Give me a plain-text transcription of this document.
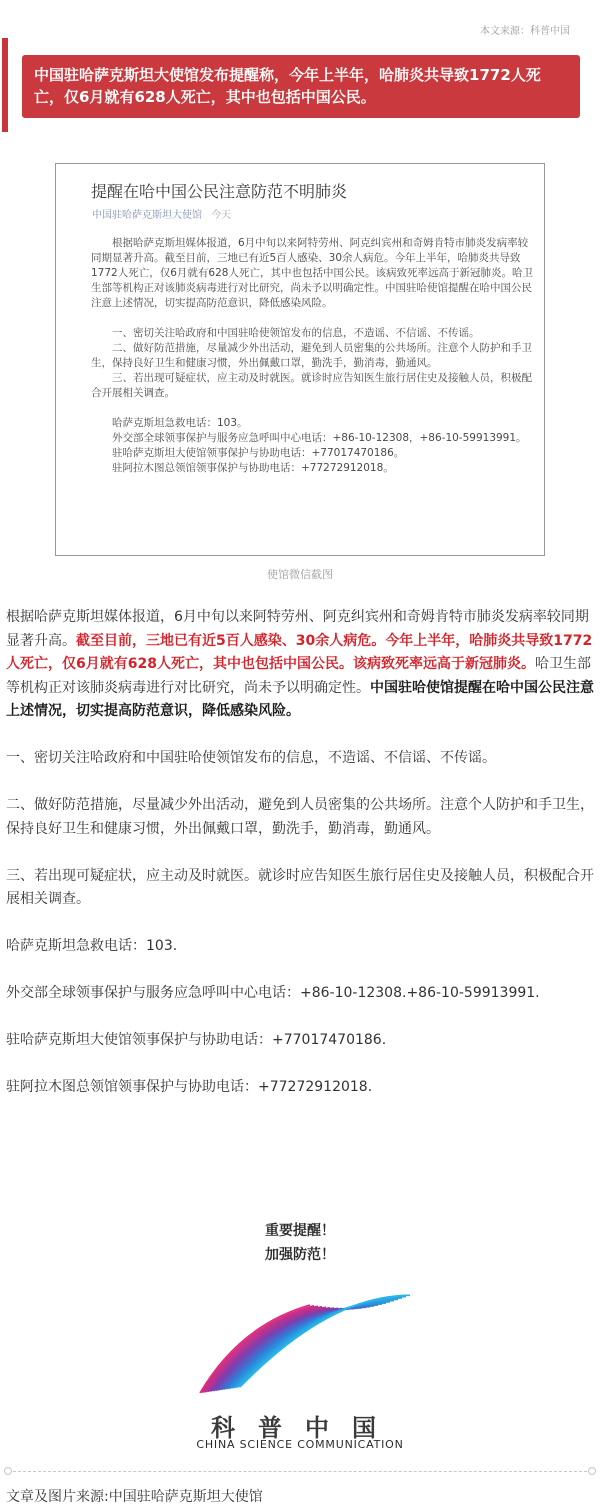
本文来源：科普中国
中国驻哈萨克斯坦大使馆发布提醒称，今年上半年，哈肺炎共导致1772人死亡，仅6月就有628人死亡，其中也包括中国公民。
提醒在哈中国公民注意防范不明肺炎
中国驻哈萨克斯坦大使馆 今天

　　根据哈萨克斯坦媒体报道，6月中旬以来阿特劳州、阿克纠宾州和奇姆肯特市肺炎发病率较同期显著升高。截至目前，三地已有近5百人感染、30余人病危。今年上半年，哈肺炎共导致1772人死亡，仅6月就有628人死亡，其中也包括中国公民。该病致死率远高于新冠肺炎。哈卫生部等机构正对该肺炎病毒进行对比研究，尚未予以明确定性。中国驻哈使馆提醒在哈中国公民注意上述情况，切实提高防范意识，降低感染风险。

　　一、密切关注哈政府和中国驻哈使领馆发布的信息，不造谣、不信谣、不传谣。

　　二、做好防范措施，尽量减少外出活动，避免到人员密集的公共场所。注意个人防护和手卫生，保持良好卫生和健康习惯，外出佩戴口罩，勤洗手，勤消毒，勤通风。

　　三、若出现可疑症状，应主动及时就医。就诊时应告知医生旅行居住史及接触人员，积极配合开展相关调查。

　　哈萨克斯坦急救电话：103。

　　外交部全球领事保护与服务应急呼叫中心电话：+86-10-12308，+86-10-59913991。

　　驻哈萨克斯坦大使馆领事保护与协助电话：+77017470186。

　　驻阿拉木图总领馆领事保护与协助电话：+77272912018。

使馆微信截图

根据哈萨克斯坦媒体报道，6月中旬以来阿特劳州、阿克纠宾州和奇姆肯特市肺炎发病率较同期显著升高。截至目前，三地已有近5百人感染、30余人病危。今年上半年，哈肺炎共导致1772人死亡，仅6月就有628人死亡，其中也包括中国公民。该病致死率远高于新冠肺炎。哈卫生部等机构正对该肺炎病毒进行对比研究，尚未予以明确定性。中国驻哈使馆提醒在哈中国公民注意上述情况，切实提高防范意识，降低感染风险。

一、密切关注哈政府和中国驻哈使领馆发布的信息，不造谣、不信谣、不传谣。

二、做好防范措施，尽量减少外出活动，避免到人员密集的公共场所。注意个人防护和手卫生，保持良好卫生和健康习惯，外出佩戴口罩，勤洗手，勤消毒，勤通风。

三、若出现可疑症状，应主动及时就医。就诊时应告知医生旅行居住史及接触人员，积极配合开展相关调查。

哈萨克斯坦急救电话：103.

外交部全球领事保护与服务应急呼叫中心电话：+86-10-12308.+86-10-59913991.

驻哈萨克斯坦大使馆领事保护与协助电话：+77017470186.

驻阿拉木图总领馆领事保护与协助电话：+77272912018.

重要提醒！
加强防范！
科普中国
CHINA SCIENCE COMMUNICATION
文章及图片来源:中国驻哈萨克斯坦大使馆
